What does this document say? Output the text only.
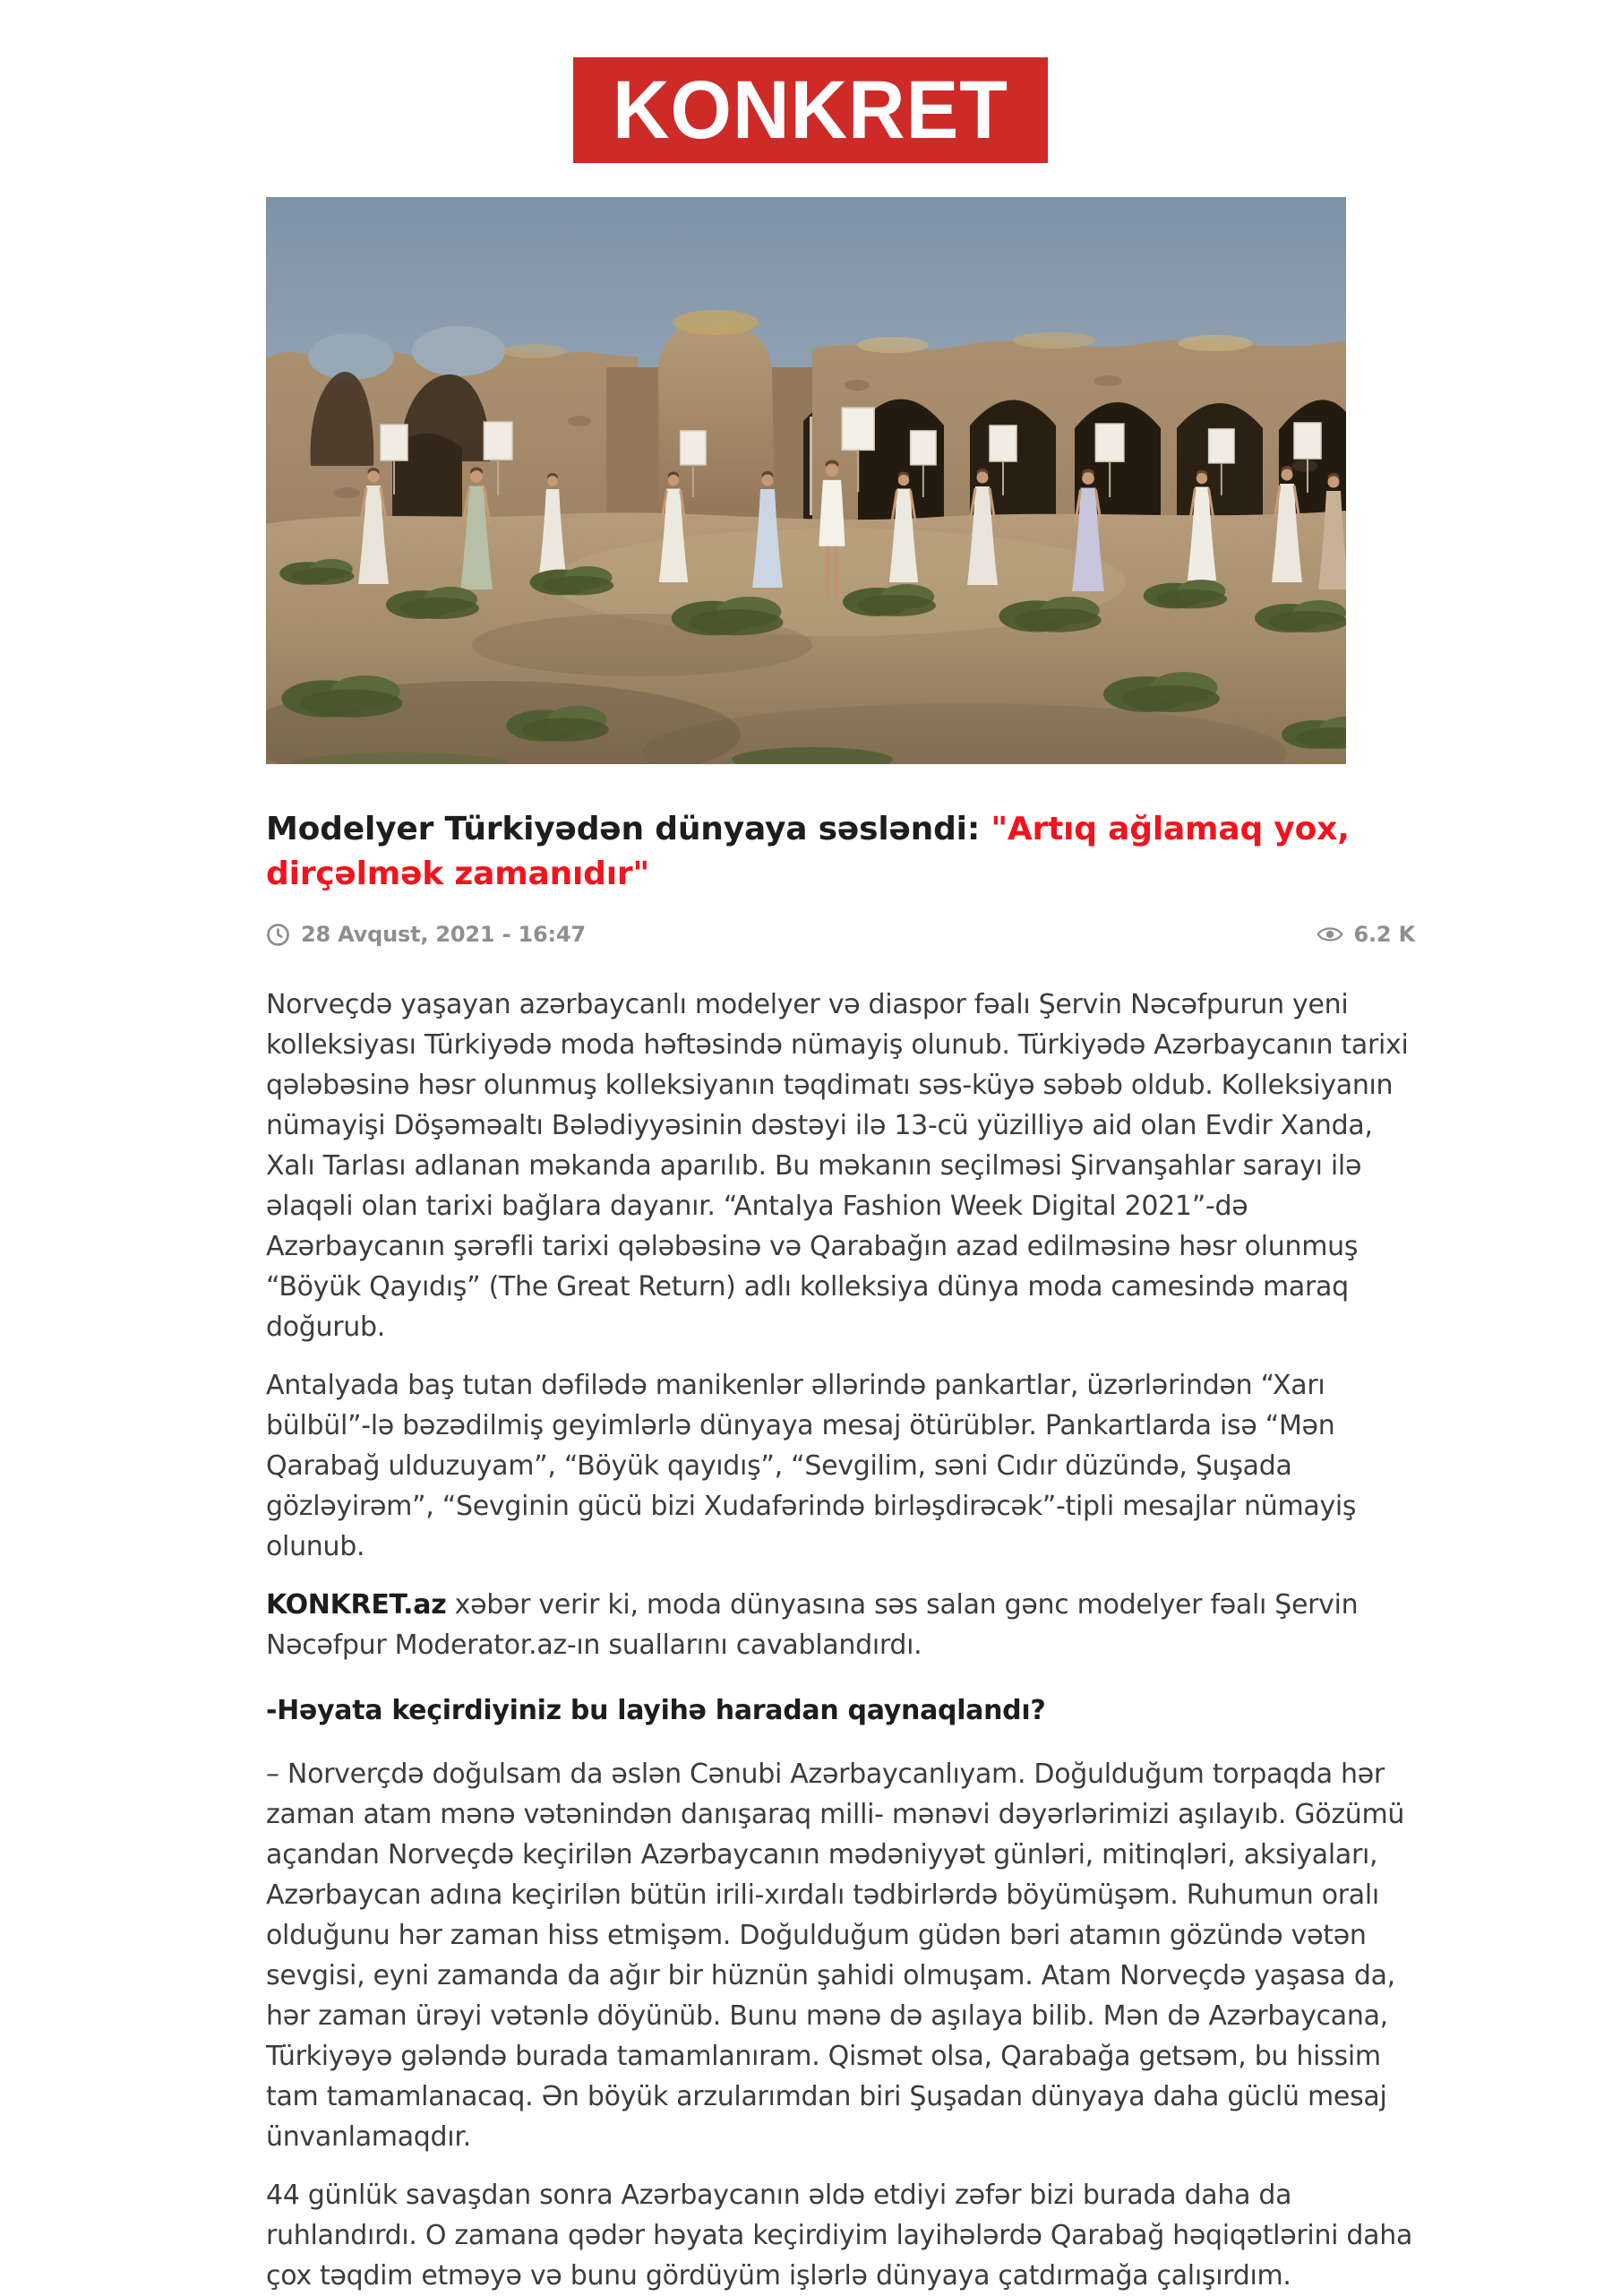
KONKRET
Modelyer Türkiyədən dünyaya səsləndi: "Artıq ağlamaq yox, dirçəlmək zamanıdır"
28 Avqust, 2021 - 16:47	6.2 K

Norveçdə yaşayan azərbaycanlı modelyer və diaspor fəalı Şervin Nəcəfpurun yeni kolleksiyası Türkiyədə moda həftəsində nümayiş olunub. Türkiyədə Azərbaycanın tarixi qələbəsinə həsr olunmuş kolleksiyanın təqdimatı səs-küyə səbəb oldub. Kolleksiyanın nümayişi Döşəməaltı Bələdiyyəsinin dəstəyi ilə 13-cü yüzilliyə aid olan Evdir Xanda, Xalı Tarlası adlanan məkanda aparılıb. Bu məkanın seçilməsi Şirvanşahlar sarayı ilə əlaqəli olan tarixi bağlara dayanır. “Antalya Fashion Week Digital 2021”-də Azərbaycanın şərəfli tarixi qələbəsinə və Qarabağın azad edilməsinə həsr olunmuş “Böyük Qayıdış” (The Great Return) adlı kolleksiya dünya moda camesində maraq doğurub.

Antalyada baş tutan dəfilədə manikenlər əllərində pankartlar, üzərlərindən “Xarı bülbül”-lə bəzədilmiş geyimlərlə dünyaya mesaj ötürüblər. Pankartlarda isə “Mən Qarabağ ulduzuyam”, “Böyük qayıdış”, “Sevgilim, səni Cıdır düzündə, Şuşada gözləyirəm”, “Sevginin gücü bizi Xudafərində birləşdirəcək”-tipli mesajlar nümayiş olunub.

KONKRET.az xəbər verir ki, moda dünyasına səs salan gənc modelyer fəalı Şervin Nəcəfpur Moderator.az-ın suallarını cavablandırdı.

-Həyata keçirdiyiniz bu layihə haradan qaynaqlandı?

– Norverçdə doğulsam da əslən Cənubi Azərbaycanlıyam. Doğulduğum torpaqda hər zaman atam mənə vətənindən danışaraq milli- mənəvi dəyərlərimizi aşılayıb. Gözümü açandan Norveçdə keçirilən Azərbaycanın mədəniyyət günləri, mitinqləri, aksiyaları, Azərbaycan adına keçirilən bütün irili-xırdalı tədbirlərdə böyümüşəm. Ruhumun oralı olduğunu hər zaman hiss etmişəm. Doğulduğum güdən bəri atamın gözündə vətən sevgisi, eyni zamanda da ağır bir hüznün şahidi olmuşam. Atam Norveçdə yaşasa da, hər zaman ürəyi vətənlə döyünüb. Bunu mənə də aşılaya bilib. Mən də Azərbaycana, Türkiyəyə gələndə burada tamamlanıram. Qismət olsa, Qarabağa getsəm, bu hissim tam tamamlanacaq. Ən böyük arzularımdan biri Şuşadan dünyaya daha güclü mesaj ünvanlamaqdır.

44 günlük savaşdan sonra Azərbaycanın əldə etdiyi zəfər bizi burada daha da ruhlandırdı. O zamana qədər həyata keçirdiyim layihələrdə Qarabağ həqiqətlərini daha çox təqdim etməyə və bunu gördüyüm işlərlə dünyaya çatdırmağa çalışırdım.
